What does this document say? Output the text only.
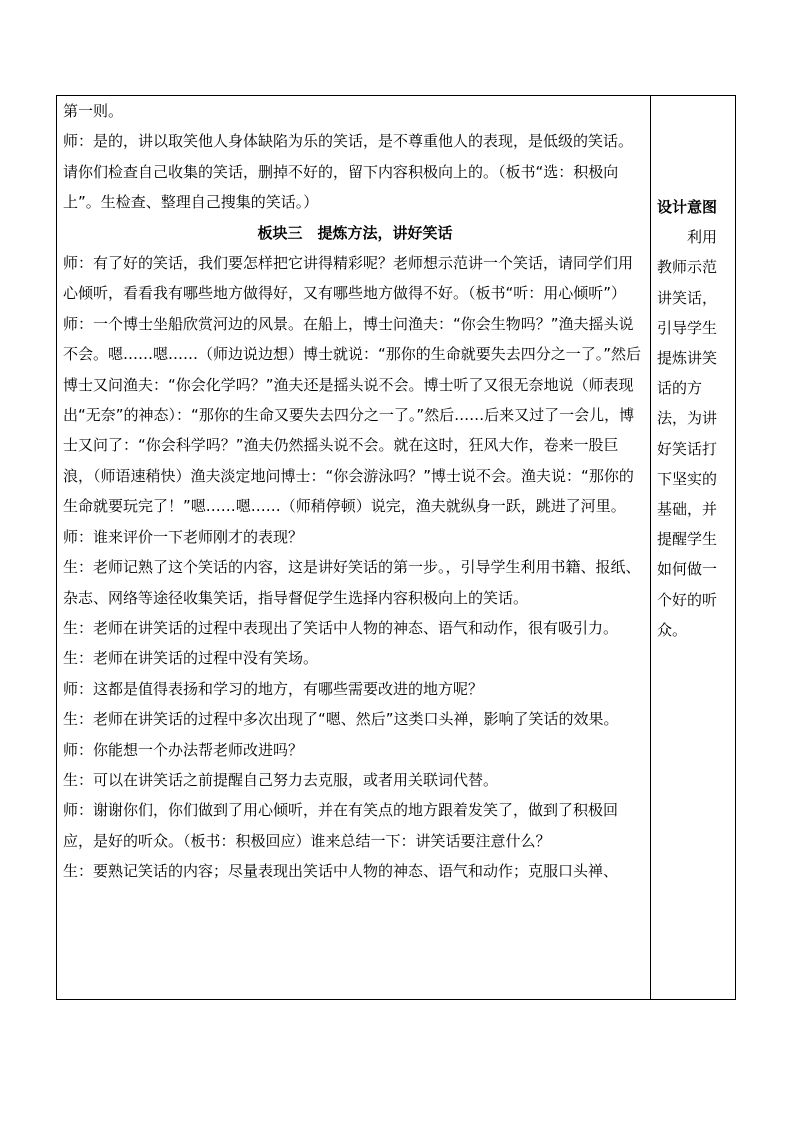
第一则。

师：是的，讲以取笑他人身体缺陷为乐的笑话，是不尊重他人的表现，是低级的笑话。请你们检查自己收集的笑话，删掉不好的，留下内容积极向上的。（板书“选：积极向上”。生检查、整理自己搜集的笑话。）

板块三　提炼方法，讲好笑话

师：有了好的笑话，我们要怎样把它讲得精彩呢？老师想示范讲一个笑话，请同学们用心倾听，看看我有哪些地方做得好，又有哪些地方做得不好。（板书“听：用心倾听”）

师：一个博士坐船欣赏河边的风景。在船上，博士问渔夫：“你会生物吗？”渔夫摇头说不会。嗯……嗯……（师边说边想）博士就说：“那你的生命就要失去四分之一了。”然后博士又问渔夫：“你会化学吗？”渔夫还是摇头说不会。博士听了又很无奈地说（师表现出“无奈”的神态）：“那你的生命又要失去四分之一了。”然后……后来又过了一会儿，博士又问了：“你会科学吗？”渔夫仍然摇头说不会。就在这时，狂风大作，卷来一股巨浪，（师语速稍快）渔夫淡定地问博士：“你会游泳吗？”博士说不会。渔夫说：“那你的生命就要玩完了！”嗯……嗯……（师稍停顿）说完，渔夫就纵身一跃，跳进了河里。

师：谁来评价一下老师刚才的表现？

生：老师记熟了这个笑话的内容，这是讲好笑话的第一步。，引导学生利用书籍、报纸、杂志、网络等途径收集笑话，指导督促学生选择内容积极向上的笑话。

生：老师在讲笑话的过程中表现出了笑话中人物的神态、语气和动作，很有吸引力。

生：老师在讲笑话的过程中没有笑场。

师：这都是值得表扬和学习的地方，有哪些需要改进的地方呢？

生：老师在讲笑话的过程中多次出现了“嗯、然后”这类口头禅，影响了笑话的效果。

师：你能想一个办法帮老师改进吗？

生：可以在讲笑话之前提醒自己努力去克服，或者用关联词代替。

师：谢谢你们，你们做到了用心倾听，并在有笑点的地方跟着发笑了，做到了积极回应，是好的听众。（板书：积极回应）谁来总结一下：讲笑话要注意什么？

生：要熟记笑话的内容；尽量表现出笑话中人物的神态、语气和动作；克服口头禅、

设计意图

利用教师示范讲笑话，引导学生提炼讲笑话的方法，为讲好笑话打下坚实的基础，并提醒学生如何做一个好的听众。
